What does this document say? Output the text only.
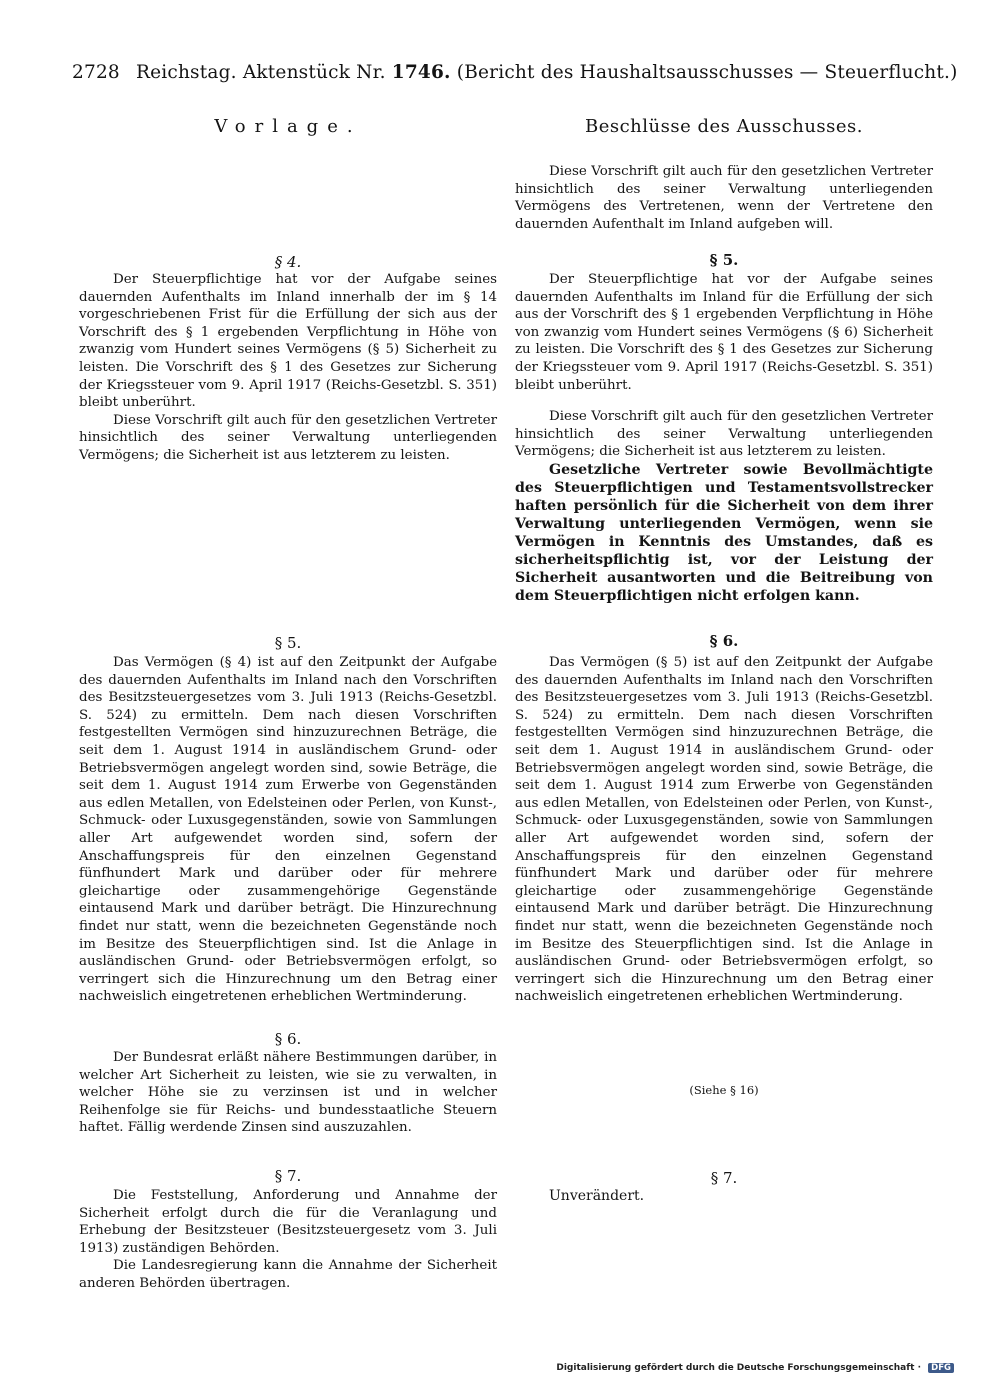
2728 Reichstag. Aktenstück Nr. 1746. (Bericht des Haushaltsausschusses — Steuerflucht.)
Vorlage.
§ 4.

Der Steuerpflichtige hat vor der Aufgabe seines dauernden Aufenthalts im Inland innerhalb der im § 14 vorgeschriebenen Frist für die Erfüllung der sich aus der Vorschrift des § 1 ergebenden Verpflichtung in Höhe von zwanzig vom Hundert seines Vermögens (§ 5) Sicherheit zu leisten. Die Vorschrift des § 1 des Gesetzes zur Sicherung der Kriegssteuer vom 9. April 1917 (Reichs-Gesetzbl. S. 351) bleibt unberührt.

Diese Vorschrift gilt auch für den gesetzlichen Vertreter hinsichtlich des seiner Verwaltung unterliegenden Vermögens; die Sicherheit ist aus letzterem zu leisten.

§ 5.

Das Vermögen (§ 4) ist auf den Zeitpunkt der Aufgabe des dauernden Aufenthalts im Inland nach den Vorschriften des Besitzsteuergesetzes vom 3. Juli 1913 (Reichs-Gesetzbl. S. 524) zu ermitteln. Dem nach diesen Vorschriften festgestellten Vermögen sind hinzuzurechnen Beträge, die seit dem 1. August 1914 in ausländischem Grund- oder Betriebsvermögen angelegt worden sind, sowie Beträge, die seit dem 1. August 1914 zum Erwerbe von Gegenständen aus edlen Metallen, von Edelsteinen oder Perlen, von Kunst-, Schmuck- oder Luxusgegenständen, sowie von Sammlungen aller Art aufgewendet worden sind, sofern der Anschaffungspreis für den einzelnen Gegenstand fünfhundert Mark und darüber oder für mehrere gleichartige oder zusammengehörige Gegenstände eintausend Mark und darüber beträgt. Die Hinzurechnung findet nur statt, wenn die bezeichneten Gegenstände noch im Besitze des Steuerpflichtigen sind. Ist die Anlage in ausländischen Grund- oder Betriebsvermögen erfolgt, so verringert sich die Hinzurechnung um den Betrag einer nachweislich eingetretenen erheblichen Wertminderung.

§ 6.

Der Bundesrat erläßt nähere Bestimmungen darüber, in welcher Art Sicherheit zu leisten, wie sie zu verwalten, in welcher Höhe sie zu verzinsen ist und in welcher Reihenfolge sie für Reichs- und bundesstaatliche Steuern haftet. Fällig werdende Zinsen sind auszuzahlen.

§ 7.

Die Feststellung, Anforderung und Annahme der Sicherheit erfolgt durch die für die Veranlagung und Erhebung der Besitzsteuer (Besitzsteuergesetz vom 3. Juli 1913) zuständigen Behörden.

Die Landesregierung kann die Annahme der Sicherheit anderen Behörden übertragen.

Beschlüsse des Ausschusses.

Diese Vorschrift gilt auch für den gesetzlichen Vertreter hinsichtlich des seiner Verwaltung unterliegenden Vermögens des Vertretenen, wenn der Vertretene den dauernden Aufenthalt im Inland aufgeben will.

§ 5.

Der Steuerpflichtige hat vor der Aufgabe seines dauernden Aufenthalts im Inland für die Erfüllung der sich aus der Vorschrift des § 1 ergebenden Verpflichtung in Höhe von zwanzig vom Hundert seines Vermögens (§ 6) Sicherheit zu leisten. Die Vorschrift des § 1 des Gesetzes zur Sicherung der Kriegssteuer vom 9. April 1917 (Reichs-Gesetzbl. S. 351) bleibt unberührt.

Diese Vorschrift gilt auch für den gesetzlichen Vertreter hinsichtlich des seiner Verwaltung unterliegenden Vermögens; die Sicherheit ist aus letzterem zu leisten.

Gesetzliche Vertreter sowie Bevollmächtigte des Steuerpflichtigen und Testamentsvollstrecker haften persönlich für die Sicherheit von dem ihrer Verwaltung unterliegenden Vermögen, wenn sie Vermögen in Kenntnis des Umstandes, daß es sicherheitspflichtig ist, vor der Leistung der Sicherheit ausantworten und die Beitreibung von dem Steuerpflichtigen nicht erfolgen kann.

§ 6.

Das Vermögen (§ 5) ist auf den Zeitpunkt der Aufgabe des dauernden Aufenthalts im Inland nach den Vorschriften des Besitzsteuergesetzes vom 3. Juli 1913 (Reichs-Gesetzbl. S. 524) zu ermitteln. Dem nach diesen Vorschriften festgestellten Vermögen sind hinzuzurechnen Beträge, die seit dem 1. August 1914 in ausländischem Grund- oder Betriebsvermögen angelegt worden sind, sowie Beträge, die seit dem 1. August 1914 zum Erwerbe von Gegenständen aus edlen Metallen, von Edelsteinen oder Perlen, von Kunst-, Schmuck- oder Luxusgegenständen, sowie von Sammlungen aller Art aufgewendet worden sind, sofern der Anschaffungspreis für den einzelnen Gegenstand fünfhundert Mark und darüber oder für mehrere gleichartige oder zusammengehörige Gegenstände eintausend Mark und darüber beträgt. Die Hinzurechnung findet nur statt, wenn die bezeichneten Gegenstände noch im Besitze des Steuerpflichtigen sind. Ist die Anlage in ausländischen Grund- oder Betriebsvermögen erfolgt, so verringert sich die Hinzurechnung um den Betrag einer nachweislich eingetretenen erheblichen Wertminderung.

(Siehe § 16)
§ 7.
Unverändert.
Digitalisierung gefördert durch die Deutsche Forschungsgemeinschaft · DFG
